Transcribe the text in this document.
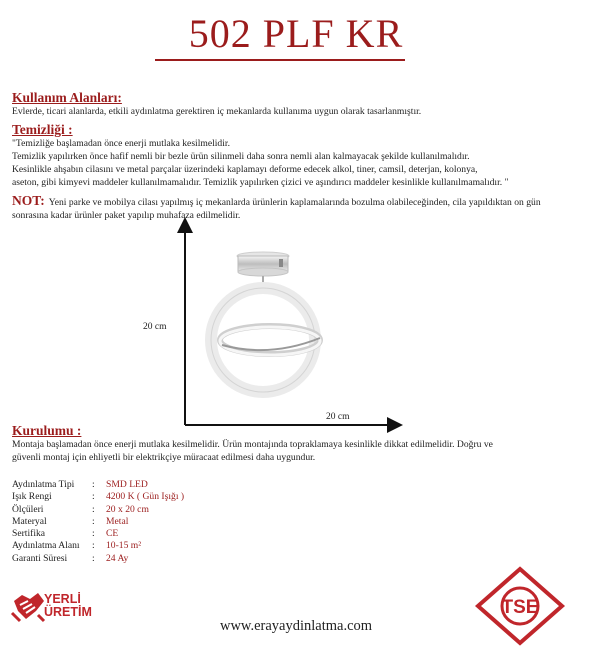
502 PLF KR
Kullanım Alanları:
Evlerde, ticari alanlarda, etkili aydınlatma gerektiren iç mekanlarda kullanıma uygun olarak tasarlanmıştır.
Temizliği :
"Temizliğe başlamadan önce enerji mutlaka kesilmelidir.
Temizlik yapılırken önce hafif nemli bir bezle ürün silinmeli daha sonra nemli alan kalmayacak şekilde kullanılmalıdır.
Kesinlikle ahşabın cilasını ve metal parçalar üzerindeki kaplamayı deforme edecek alkol, tiner, camsil, deterjan, kolonya,
aseton, gibi kimyevi maddeler kullanılmamalıdır. Temizlik yapılırken çizici ve aşındırıcı maddeler kesinlikle kullanılmamalıdır. "
NOT: Yeni parke ve mobilya cilası yapılmış iç mekanlarda ürünlerin kaplamalarında bozulma olabileceğinden, cila yapıldıktan on gün sonrasına kadar ürünler paket yapılıp muhafaza edilmelidir.
20 cm
20 cm
Kurulumu :
Montaja başlamadan önce enerji mutlaka kesilmelidir. Ürün montajında topraklamaya kesinlikle dikkat edilmelidir. Doğru ve
güvenli montaj için ehliyetli bir elektrikçiye müracaat edilmesi daha uygundur.
Aydınlatma Tipi : SMD LED
Işık Rengi	: 4200 K ( Gün Işığı )
Ölçüleri	: 20 x 20 cm
Materyal	: Metal
Sertifika	: CE
Aydınlatma Alanı : 10-15 m²
Garanti Süresi	: 24 Ay
YERLİ
ÜRETİM
www.erayaydinlatma.com
TSE
